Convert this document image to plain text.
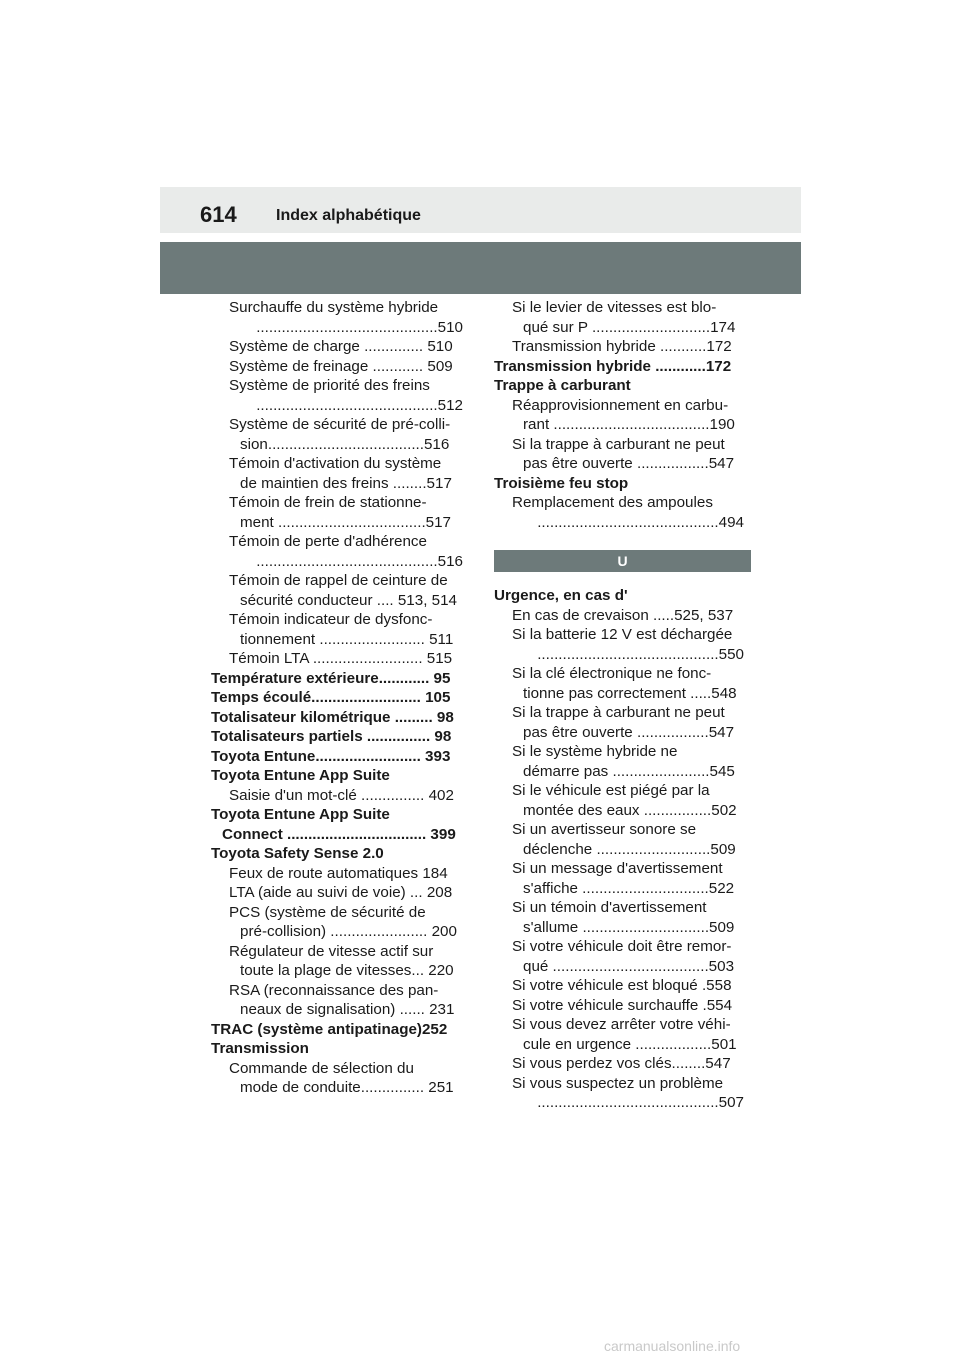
614 Index alphabétique
Surchauffe du système hybride
...........................................510
Système de charge .............. 510
Système de freinage ............ 509
Système de priorité des freins
...........................................512
Système de sécurité de pré-colli-
sion.....................................516
Témoin d'activation du système
de maintien des freins ........517
Témoin de frein de stationne-
ment ...................................517
Témoin de perte d'adhérence
...........................................516
Témoin de rappel de ceinture de
sécurité conducteur .... 513, 514
Témoin indicateur de dysfonc-
tionnement ......................... 511
Témoin LTA .......................... 515
Température extérieure............ 95
Temps écoulé.......................... 105
Totalisateur kilométrique ......... 98
Totalisateurs partiels ............... 98
Toyota Entune......................... 393
Toyota Entune App Suite
Saisie d'un mot-clé ............... 402
Toyota Entune App Suite
Connect ................................. 399
Toyota Safety Sense 2.0
Feux de route automatiques 184
LTA (aide au suivi de voie) ... 208
PCS (système de sécurité de
pré-collision) ....................... 200
Régulateur de vitesse actif sur
toute la plage de vitesses... 220
RSA (reconnaissance des pan-
neaux de signalisation) ...... 231
TRAC (système antipatinage)252
Transmission
Commande de sélection du
mode de conduite............... 251
Si le levier de vitesses est blo-
qué sur P ............................174
Transmission hybride ...........172
Transmission hybride ............172
Trappe à carburant
Réapprovisionnement en carbu-
rant .....................................190
Si la trappe à carburant ne peut
pas être ouverte .................547
Troisième feu stop
Remplacement des ampoules
...........................................494
U
Urgence, en cas d'
En cas de crevaison .....525, 537
Si la batterie 12 V est déchargée
...........................................550
Si la clé électronique ne fonc-
tionne pas correctement .....548
Si la trappe à carburant ne peut
pas être ouverte .................547
Si le système hybride ne
démarre pas .......................545
Si le véhicule est piégé par la
montée des eaux ................502
Si un avertisseur sonore se
déclenche ...........................509
Si un message d'avertissement
s'affiche ..............................522
Si un témoin d'avertissement
s'allume ..............................509
Si votre véhicule doit être remor-
qué .....................................503
Si votre véhicule est bloqué .558
Si votre véhicule surchauffe .554
Si vous devez arrêter votre véhi-
cule en urgence ..................501
Si vous perdez vos clés........547
Si vous suspectez un problème
...........................................507
carmanualsonline.info
